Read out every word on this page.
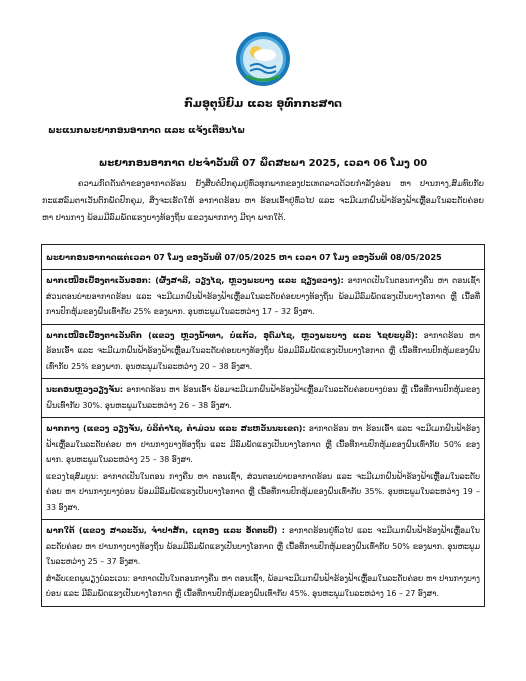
ກົມອຸຕຸນິຍົມ ແລະ ອຸທົກກະສາດ
ພະແນກພະຍາກອນອາກາດ ແລະ ແຈ້ງເຕືອນໄພ
ພະຍາກອນອາກາດ ປະຈຳວັນທີ 07 ພຶດສະພາ 2025, ເວລາ 06 ໂມງ 00
ຄວາມກົດດັນຕ່ຳຂອງອາກາດຮ້ອນ ຍັງສືບຕໍ່ປົກຄຸມຢູ່ທົ່ວທຸກພາກຂອງປະເທດລາວດ້ວຍກຳລັງອ່ອນ ຫາ ປານກາງ,ສົມທົບກັບກະແສລົມຕາເວັນຕົກພັດປົກຄຸມ, ສິ່ງຈະເຮັດໃຫ້ ອາກາດຮ້ອນ ຫາ ຮ້ອນເອົ້າຢູ່ທົ່ວໄປ ແລະ ຈະມີເມກຝົນຟ້າຮ້ອງຟ້າເຫຼື້ອມໃນລະດັບຄ່ອຍ ຫາ ປານກາງ ພ້ອມມີລົມພັດແຮງບາງທ້ອງຖິ່ນ ແຂວງພາກກາງ ມີຖາ ພາກໃຕ້.
ພະຍາກອນອາກາດແຕ່ເວລາ 07 ໂມງ ຂອງວັນທີ 07/05/2025 ຫາ ເວລາ 07 ໂມງ ຂອງວັນທີ 08/05/2025
ພາກເໜືອເບື້ອງຕາເວັນອອກ: (ຜົ້ງສາລີ, ວຽງໄຊ, ຫຼວງພະບາງ ແລະ ຊຽງຂວາງ): ອາກາດເປັນໃນຕອນກາງຄືນ ຫາ ຕອນເຊົ້າ ສ່ວນຕອນບ່າຍອາກາດຮ້ອນ ແລະ ຈະມີເມກຝົນຟ້າຮ້ອງຟ້າເຫຼື້ອມໃນລະດັບຄ່ອຍບາງທ້ອງຖິ່ນ ພ້ອມມີລົມພັດແຮງເປັນບາງໂອກາດ ຫຼື ເນື້ອທີ່ການປົກຫຸ້ມຂອງຝົນເທົ່າກັບ 25% ຂອງພາກ. ອຸນຫະພູມໃນລະຫວ່າງ 17 – 32 ອົງສາ.
ພາກເໜືອເບື້ອງຕາເວັນຕົກ (ແຂວງ ຫຼວງນ້ຳທາ, ບໍ່ແກ້ວ, ອຸດົມໄຊ, ຫຼວງພະບາງ ແລະ ໄຊຍະບູລີ): ອາກາດຮ້ອນ ຫາ ຮ້ອນເອົ້າ ແລະ ຈະມີເມກຝົນຟ້າຮ້ອງຟ້າເຫຼື້ອມໃນລະດັບຄ່ອຍບາງທ້ອງຖິ່ນ ພ້ອມມີລົມພັດແຮງເປັນບາງໂອກາດ ຫຼື ເນື້ອທີ່ການປົກຫຸ້ມຂອງຝົນເທົ່າກັບ 25% ຂອງພາກ. ອຸນຫະພູມໃນລະຫວ່າງ 20 – 38 ອົງສາ.
ນະຄອນຫຼວງວຽງຈັນ: ອາກາດຮ້ອນ ຫາ ຮ້ອນເອົ້າ ພ້ອມຈະມີເມກຝົນຟ້າຮ້ອງຟ້າເຫຼື້ອມໃນລະດັບຄ່ອຍບາງບ່ອນ ຫຼື ເນື້ອທີ່ການປົກຫຸ້ມຂອງຝົນເທົ່າກັບ 30%. ອຸນຫະພູມໃນລະຫວ່າງ 26 – 38 ອົງສາ.
ພາກກາງ (ແຂວງ ວຽງຈັນ, ບໍລິຄຳໄຊ, ຄຳມ່ວນ ແລະ ສະຫວັນນະເຂດ): ອາກາດຮ້ອນ ຫາ ຮ້ອນເອົ້າ ແລະ ຈະມີເມກຝົນຟ້າຮ້ອງຟ້າເຫຼື້ອມໃນລະດັບຄ່ອຍ ຫາ ປານກາງບາງທ້ອງຖິ່ນ ແລະ ມີລົມພັດແຮງເປັນບາງໂອກາດ ຫຼື ເນື້ອທີ່ການປົກຫຸ້ມຂອງຝົນເທົ່າກັບ 50% ຂອງພາກ. ອຸນຫະພູມໃນລະຫວ່າງ 25 – 38 ອົງສາ.
ແຂວງໄຊສົມບູນ: ອາກາດເປັນໃນຕອນ ກາງຄືນ ຫາ ຕອນເຊົ້າ, ສ່ວນຕອນບ່າຍອາກາດຮ້ອນ ແລະ ຈະມີເມກຝົນຟ້າຮ້ອງຟ້າເຫຼື້ອມໃນລະດັບຄ່ອຍ ຫາ ປານກາງບາງບ່ອນ ພ້ອມມີລົມພັດແຮງເປັນບາງໂອກາດ ຫຼື ເນື້ອທີ່ການປົກຫຸ້ມຂອງຝົນເທົ່າກັບ 35%. ອຸນຫະພູມໃນລະຫວ່າງ 19 – 33 ອົງສາ.
ພາກໃຕ້ (ແຂວງ ສາລະວັນ, ຈຳປາສັກ, ເຊກອງ ແລະ ອັດຕະປື) : ອາກາດຮ້ອນຢູ່ທົ່ວໄປ ແລະ ຈະມີເມກຝົນຟ້າຮ້ອງຟ້າເຫຼື້ອມໃນລະດັບຄ່ອຍ ຫາ ປານກາງບາງທ້ອງຖິ່ນ ພ້ອມມີລົມພັດແຮງເປັນບາງໂອກາດ ຫຼື ເນື້ອທີ່ການປົກຫຸ້ມຂອງຝົນເທົ່າກັບ 50% ຂອງພາກ. ອຸນຫະພູມໃນລະຫວ່າງ 25 – 37 ອົງສາ.
ສຳລັບເຂດພູພຽງບໍລະເວນ: ອາກາດເປັນໃນຕອນກາງຄືນ ຫາ ຕອນເຊົ້າ, ພ້ອມຈະມີເມກຝົນຟ້າຮ້ອງຟ້າເຫຼື້ອມໃນລະດັບຄ່ອຍ ຫາ ປານກາງບາງບ່ອນ ແລະ ມີລົມພັດແຮງເປັນບາງໂອກາດ ຫຼື ເນື້ອທີ່ການປົກຫຸ້ມຂອງຝົນເທົ່າກັບ 45%. ອຸນຫະພູມໃນລະຫວ່າງ 16 – 27 ອົງສາ.
